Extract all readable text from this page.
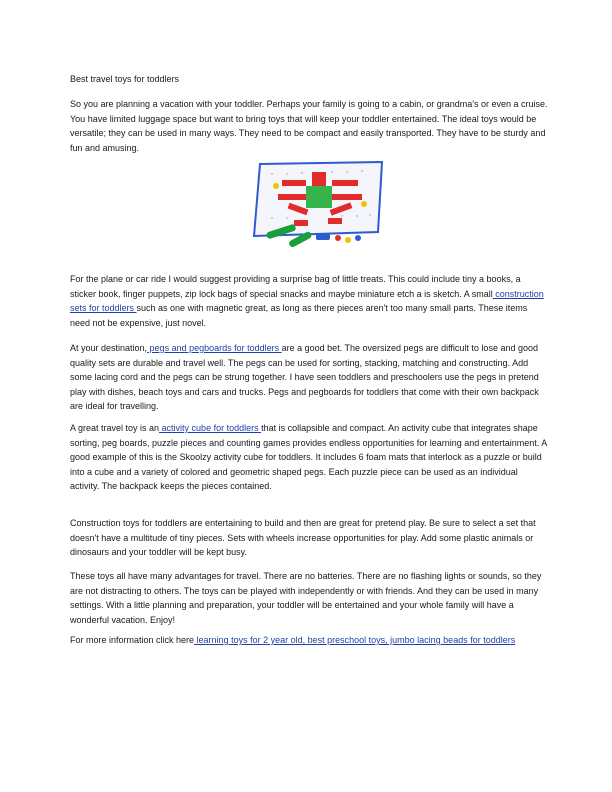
Best travel toys for toddlers

So you are planning a vacation with your toddler. Perhaps your family is going to a cabin, or grandma's or even a cruise. You have limited luggage space but want to bring toys that will keep your toddler entertained. The ideal toys would be versatile; they can be used in many ways. They need to be compact and easily transported. They have to be sturdy and fun and amusing.

For the plane or car ride I would suggest providing a surprise bag of little treats. This could include tiny a books, a sticker book, finger puppets, zip lock bags of special snacks and maybe miniature etch a is sketch. A small construction sets for toddlers such as one with magnetic great, as long as there pieces aren't too many small parts. These items need not be expensive, just novel.

At your destination, pegs and pegboards for toddlers are a good bet. The oversized pegs are difficult to lose and good quality sets are durable and travel well. The pegs can be used for sorting, stacking, matching and constructing. Add some lacing cord and the pegs can be strung together. I have seen toddlers and preschoolers use the pegs in pretend play with dishes, beach toys and cars and trucks. Pegs and pegboards for toddlers that come with their own backpack are ideal for travelling.

A great travel toy is an activity cube for toddlers that is collapsible and compact. An activity cube that integrates shape sorting, peg boards, puzzle pieces and counting games provides endless opportunities for learning and entertainment. A good example of this is the Skoolzy activity cube for toddlers. It includes 6 foam mats that interlock as a puzzle or build into a cube and a variety of colored and geometric shaped pegs. Each puzzle piece can be used as an individual activity. The backpack keeps the pieces contained.

Construction toys for toddlers are entertaining to build and then are great for pretend play. Be sure to select a set that doesn't have a multitude of tiny pieces. Sets with wheels increase opportunities for play. Add some plastic animals or dinosaurs and your toddler will be kept busy.

These toys all have many advantages for travel. There are no batteries. There are no flashing lights or sounds, so they are not distracting to others. The toys can be played with independently or with friends. And they can be used in many settings. With a little planning and preparation, your toddler will be entertained and your whole family will have a wonderful vacation. Enjoy!

For more information click here learning toys for 2 year old, best preschool toys, jumbo lacing beads for toddlers
